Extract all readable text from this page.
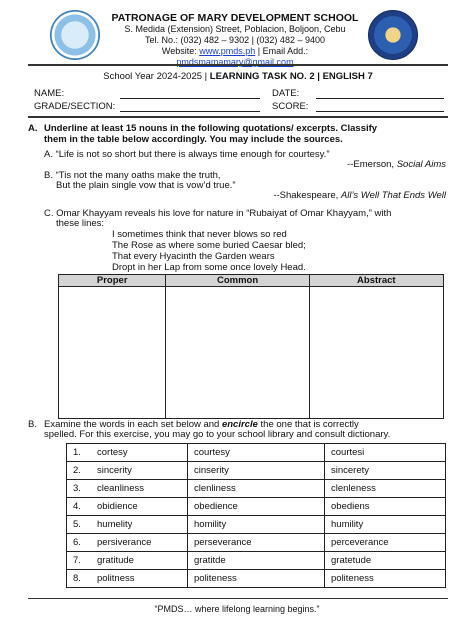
PATRONAGE OF MARY DEVELOPMENT SCHOOL
S. Medida (Extension) Street, Poblacion, Boljoon, Cebu
Tel. No.: (032) 482 – 9302 | (032) 482 – 9400
Website: www.pmds.ph | Email Add.: pmdsmamamary@gmail.com
School Year 2024-2025 | LEARNING TASK NO. 2 | ENGLISH 7
NAME:	DATE:
GRADE/SECTION:	SCORE:
A. Underline at least 15 nouns in the following quotations/ excerpts. Classify
them in the table below accordingly. You may include the sources.
A. “Life is not so short but there is always time enough for courtesy.”
--Emerson, Social Aims
B. “Tis not the many oaths make the truth,
But the plain single vow that is vow’d true.”
--Shakespeare, All’s Well That Ends Well
C. Omar Khayyam reveals his love for nature in “Rubaiyat of Omar Khayyam,” with
these lines:
I sometimes think that never blows so red
The Rose as where some buried Caesar bled;
That every Hyacinth the Garden wears
Dropt in her Lap from some once lovely Head.
Proper	Common	Abstract

B. Examine the words in each set below and encircle the one that is correctly
spelled. For this exercise, you may go to your school library and consult dictionary.
1. cortesy	courtesy	courtesi
2. sincerity	cinserity	sincerety
3. cleanliness	clenliness	clenleness
4. obidience	obedience	obediens
5. humelity	homility	humility
6. persiverance	perseverance	perceverance
7. gratitude	gratitde	gratetude
8. politness	politeness	politeness
“PMDS… where lifelong learning begins.”
